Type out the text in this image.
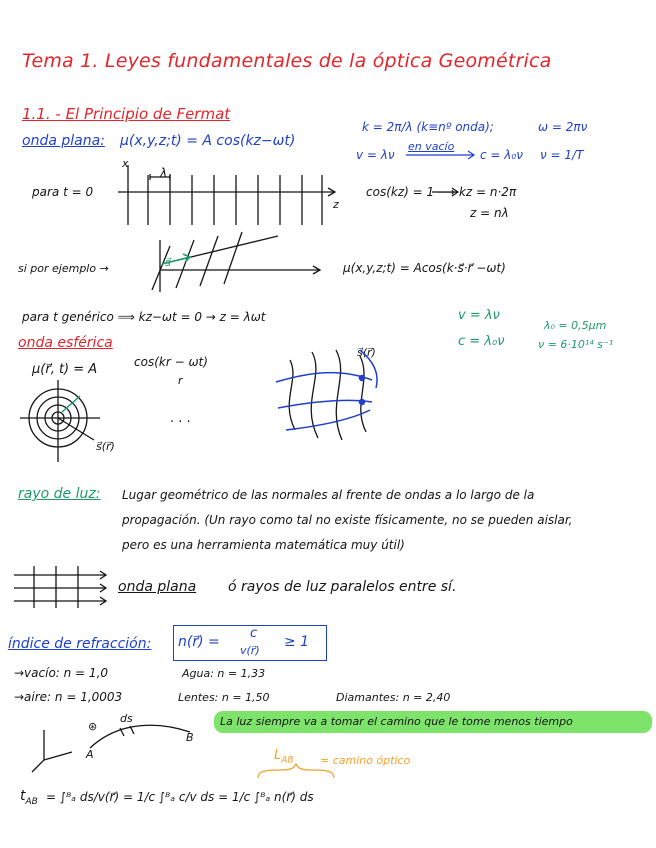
Tema 1. Leyes fundamentales de la óptica Geométrica
1.1. - El Principio de Fermat
onda plana: μ(x,y,z;t) = A cos(kz−ωt)
k = 2π/λ (k≡nº onda);	ω = 2πν
v = λν
en vacío
c = λ₀ν ν = 1/T
para t = 0
λ
x
z
cos(kz) = 1 ⟶ kz = n·2π
z = nλ
si por ejemplo →	s⃗	μ(x,y,z;t) = Acos(k·s⃗·r⃗ −ωt)
para t genérico ⟹ kz−ωt = 0 → z = λωt	v = λν
c = λ₀ν
λ₀ = 0,5μm
ν = 6·10¹⁴ s⁻¹
onda esférica
μ(r⃗, t) = A	cos(kr − ωt)
r
s⃗(r⃗)
s⃗(r⃗)
· · ·
rayo de luz: Lugar geométrico de las normales al frente de ondas a lo largo de la
propagación. (Un rayo como tal no existe físicamente, no se pueden aislar,
pero es una herramienta matemática muy útil)
onda plana ó rayos de luz paralelos entre sí.
índice de refracción: n(r⃗) =
c
v(r⃗)
≥ 1
→vacío: n = 1,0	Agua: n = 1,33
→aire: n = 1,0003	Lentes: n = 1,50	Diamantes: n = 2,40
ds
⊛
A
B
La luz siempre va a tomar el camino que le tome menos tiempo
$L_{AB} = camino$ óptico
$t_{AB}$ = ∫ᴮₐ ds/v(r⃗) = 1/c ∫ᴮₐ c/v ds = 1/c ∫ᴮₐ n(r⃗) ds
